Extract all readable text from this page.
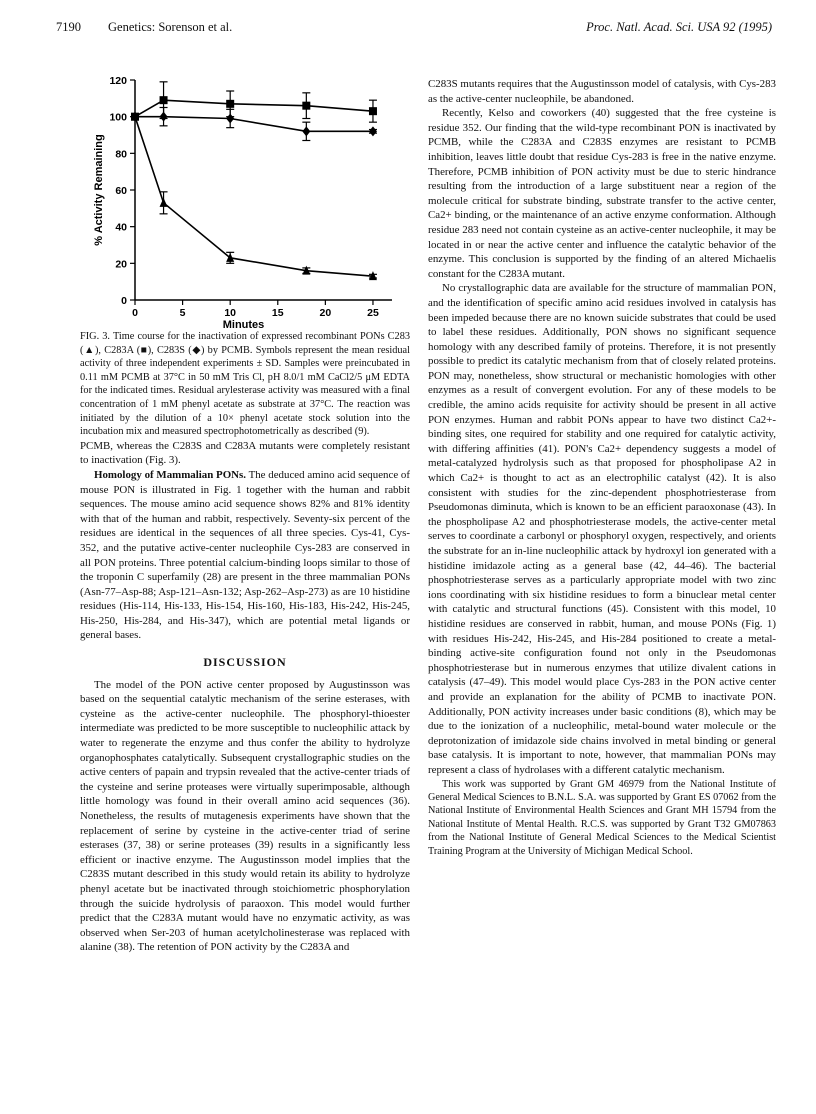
7190 Genetics: Sorenson et al.	Proc. Natl. Acad. Sci. USA 92 (1995)
0
20
40
60
80
100
120
0	5	10	15	20	25
Minutes
% Activity Remaining

FIG. 3. Time course for the inactivation of expressed recombinant PONs C283 (▲), C283A (■), C283S (◆) by PCMB. Symbols represent the mean residual activity of three independent experiments ± SD. Samples were preincubated in 0.11 mM PCMB at 37°C in 50 mM Tris Cl, pH 8.0/1 mM CaCl2/5 μM EDTA for the indicated times. Residual arylesterase activity was measured with a final concentration of 1 mM phenyl acetate as substrate at 37°C. The reaction was initiated by the dilution of a 10× phenyl acetate stock solution into the incubation mix and measured spectrophotometrically as described (9).

PCMB, whereas the C283S and C283A mutants were completely resistant to inactivation (Fig. 3).

Homology of Mammalian PONs. The deduced amino acid sequence of mouse PON is illustrated in Fig. 1 together with the human and rabbit sequences. The mouse amino acid sequence shows 82% and 81% identity with that of the human and rabbit, respectively. Seventy-six percent of the residues are identical in the sequences of all three species. Cys-41, Cys-352, and the putative active-center nucleophile Cys-283 are conserved in all PON proteins. Three potential calcium-binding loops similar to those of the troponin C superfamily (28) are present in the three mammalian PONs (Asn-77–Asp-88; Asp-121–Asn-132; Asp-262–Asp-273) as are 10 histidine residues (His-114, His-133, His-154, His-160, His-183, His-242, His-245, His-250, His-284, and His-347), which are potential metal ligands or general bases.

DISCUSSION

The model of the PON active center proposed by Augustinsson was based on the sequential catalytic mechanism of the serine esterases, with cysteine as the active-center nucleophile. The phosphoryl-thioester intermediate was predicted to be more susceptible to nucleophilic attack by water to regenerate the enzyme and thus confer the ability to hydrolyze organophosphates catalytically. Subsequent crystallographic studies on the active centers of papain and trypsin revealed that the active-center triads of the cysteine and serine proteases were virtually superimposable, although little homology was found in their overall amino acid sequences (36). Nonetheless, the results of mutagenesis experiments have shown that the replacement of serine by cysteine in the active-center triad of serine esterases (37, 38) or serine proteases (39) results in a significantly less efficient or inactive enzyme. The Augustinsson model implies that the C283S mutant described in this study would retain its ability to hydrolyze phenyl acetate but be inactivated through stoichiometric phosphorylation through the suicide hydrolysis of paraoxon. This model would further predict that the C283A mutant would have no enzymatic activity, as was observed when Ser-203 of human acetylcholinesterase was replaced with alanine (38). The retention of PON activity by the C283A and

C283S mutants requires that the Augustinsson model of catalysis, with Cys-283 as the active-center nucleophile, be abandoned.

Recently, Kelso and coworkers (40) suggested that the free cysteine is residue 352. Our finding that the wild-type recombinant PON is inactivated by PCMB, while the C283A and C283S enzymes are resistant to PCMB inhibition, leaves little doubt that residue Cys-283 is free in the native enzyme. Therefore, PCMB inhibition of PON activity must be due to steric hindrance resulting from the introduction of a large substituent near a region of the molecule critical for substrate binding, substrate transfer to the active center, Ca2+ binding, or the maintenance of an active enzyme conformation. Although residue 283 need not contain cysteine as an active-center nucleophile, it may be located in or near the active center and influence the catalytic behavior of the enzyme. This conclusion is supported by the finding of an altered Michaelis constant for the C283A mutant.

No crystallographic data are available for the structure of mammalian PON, and the identification of specific amino acid residues involved in catalysis has been impeded because there are no known suicide substrates that could be used to label these residues. Additionally, PON shows no significant sequence homology with any described family of proteins. Therefore, it is not presently possible to predict its catalytic mechanism from that of closely related proteins. PON may, nonetheless, show structural or mechanistic homologies with other enzymes as a result of convergent evolution. For any of these models to be credible, the amino acids requisite for activity should be present in all active PON enzymes. Human and rabbit PONs appear to have two distinct Ca2+-binding sites, one required for stability and one required for catalytic activity, with differing affinities (41). PON's Ca2+ dependency suggests a model of metal-catalyzed hydrolysis such as that proposed for phospholipase A2 in which Ca2+ is thought to act as an electrophilic catalyst (42). It is also consistent with studies for the zinc-dependent phosphotriesterase from Pseudomonas diminuta, which is known to be an efficient paraoxonase (43). In the phospholipase A2 and phosphotriesterase models, the active-center metal serves to coordinate a carbonyl or phosphoryl oxygen, respectively, and orients the substrate for an in-line nucleophilic attack by hydroxyl ion generated with a histidine imidazole acting as a general base (42, 44–46). The bacterial phosphotriesterase serves as a particularly appropriate model with two zinc ions coordinating with six histidine residues to form a binuclear metal center with catalytic and structural functions (45). Consistent with this model, 10 histidine residues are conserved in rabbit, human, and mouse PONs (Fig. 1) with residues His-242, His-245, and His-284 positioned to create a metal-binding active-site configuration found not only in the Pseudomonas phosphotriesterase but in numerous enzymes that utilize divalent cations in catalysis (47–49). This model would place Cys-283 in the PON active center and provide an explanation for the ability of PCMB to inactivate PON. Additionally, PON activity increases under basic conditions (8), which may be due to the ionization of a nucleophilic, metal-bound water molecule or the deprotonization of imidazole side chains involved in metal binding or general base catalysis. It is important to note, however, that mammalian PONs may represent a class of hydrolases with a different catalytic mechanism.

This work was supported by Grant GM 46979 from the National Institute of General Medical Sciences to B.N.L. S.A. was supported by Grant ES 07062 from the National Institute of Environmental Health Sciences and Grant MH 15794 from the National Institute of Mental Health. R.C.S. was supported by Grant T32 GM07863 from the National Institute of General Medical Sciences to the Medical Scientist Training Program at the University of Michigan Medical School.
